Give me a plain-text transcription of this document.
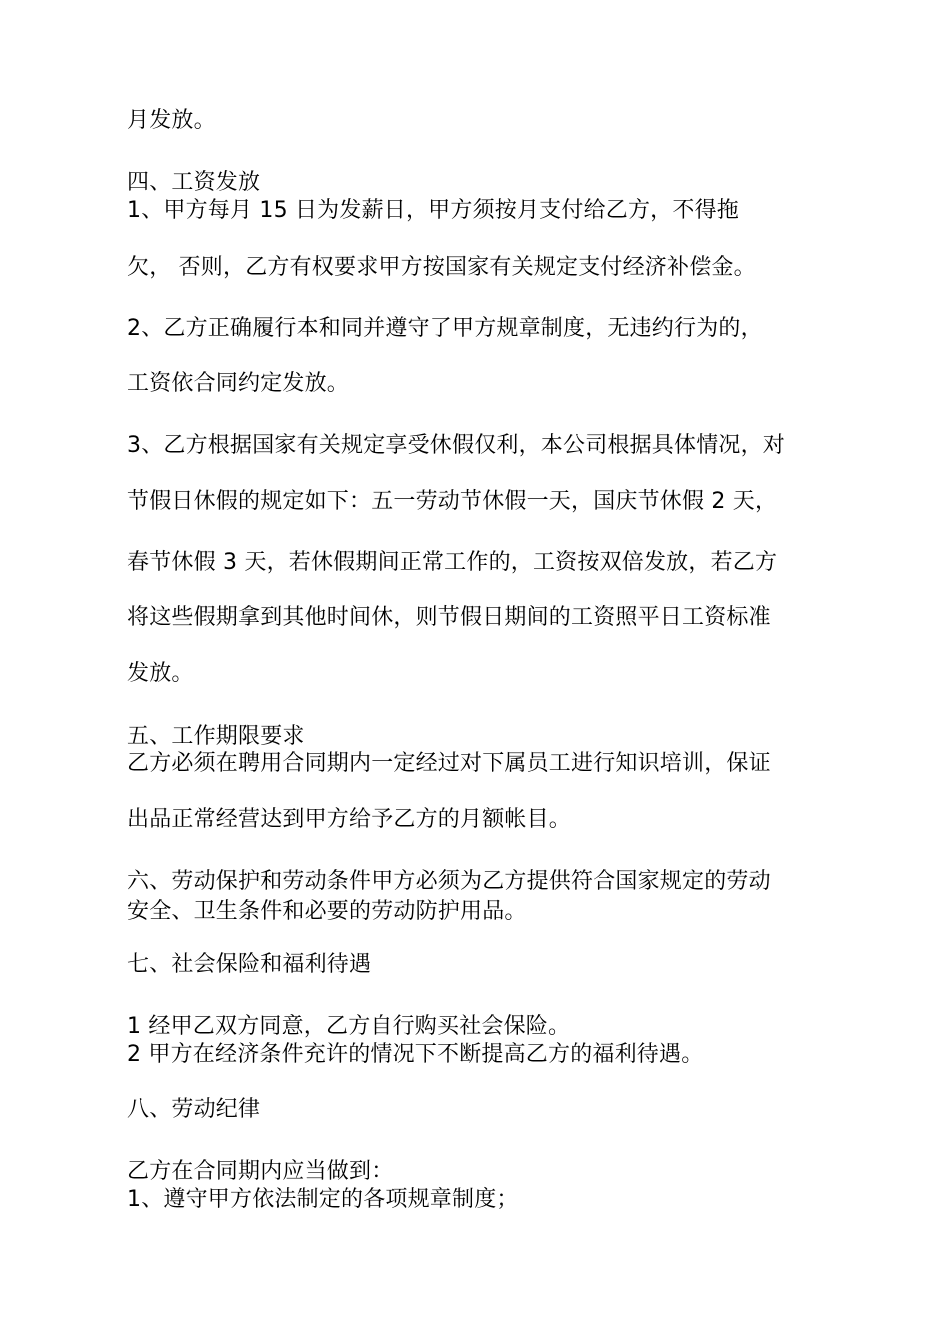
月发放。
四、工资发放
1、甲方每月 15 日为发薪日，甲方须按月支付给乙方，不得拖
欠， 否则，乙方有权要求甲方按国家有关规定支付经济补偿金。
2、乙方正确履行本和同并遵守了甲方规章制度，无违约行为的，
工资依合同约定发放。
3、乙方根据国家有关规定享受休假仅利，本公司根据具体情况，对
节假日休假的规定如下：五一劳动节休假一天，国庆节休假 2 天，
春节休假 3 天，若休假期间正常工作的，工资按双倍发放，若乙方
将这些假期拿到其他时间休，则节假日期间的工资照平日工资标准
发放。
五、工作期限要求
乙方必须在聘用合同期内一定经过对下属员工进行知识培训，保证
出品正常经营达到甲方给予乙方的月额帐目。
六、劳动保护和劳动条件甲方必须为乙方提供符合国家规定的劳动
安全、卫生条件和必要的劳动防护用品。
七、社会保险和福利待遇
1 经甲乙双方同意，乙方自行购买社会保险。
2 甲方在经济条件充许的情况下不断提高乙方的福利待遇。
八、劳动纪律
乙方在合同期内应当做到：
1、遵守甲方依法制定的各项规章制度；
